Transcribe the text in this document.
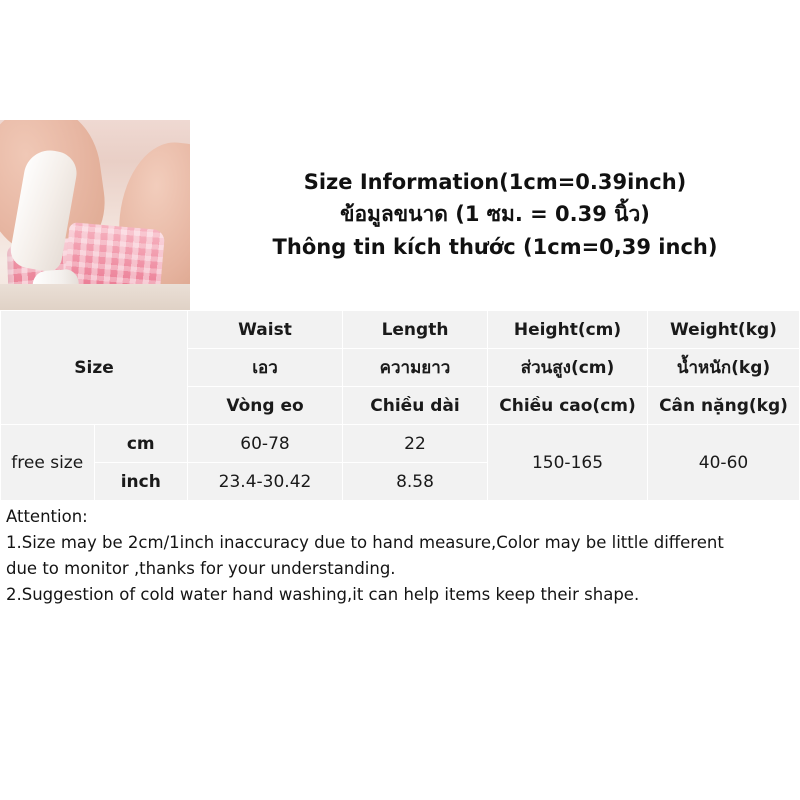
Size Information(1cm=0.39inch)
ข้อมูลขนาด (1 ซม. = 0.39 นิ้ว)
Thông tin kích thước (1cm=0,39 inch)
Size		Waist	Length	Height(cm)	Weight(kg)
		เอว	ความยาว	ส่วนสูง(cm)	น้ำหนัก(kg)
		Vòng eo	Chiều dài	Chiều cao(cm)	Cân nặng(kg)
free size	cm	60-78	22	150-165	40-60
	inch	23.4-30.42	8.58		

Attention:

1.Size may be 2cm/1inch inaccuracy due to hand measure,Color may be little different

due to monitor ,thanks for your understanding.

2.Suggestion of cold water hand washing,it can help items keep their shape.
